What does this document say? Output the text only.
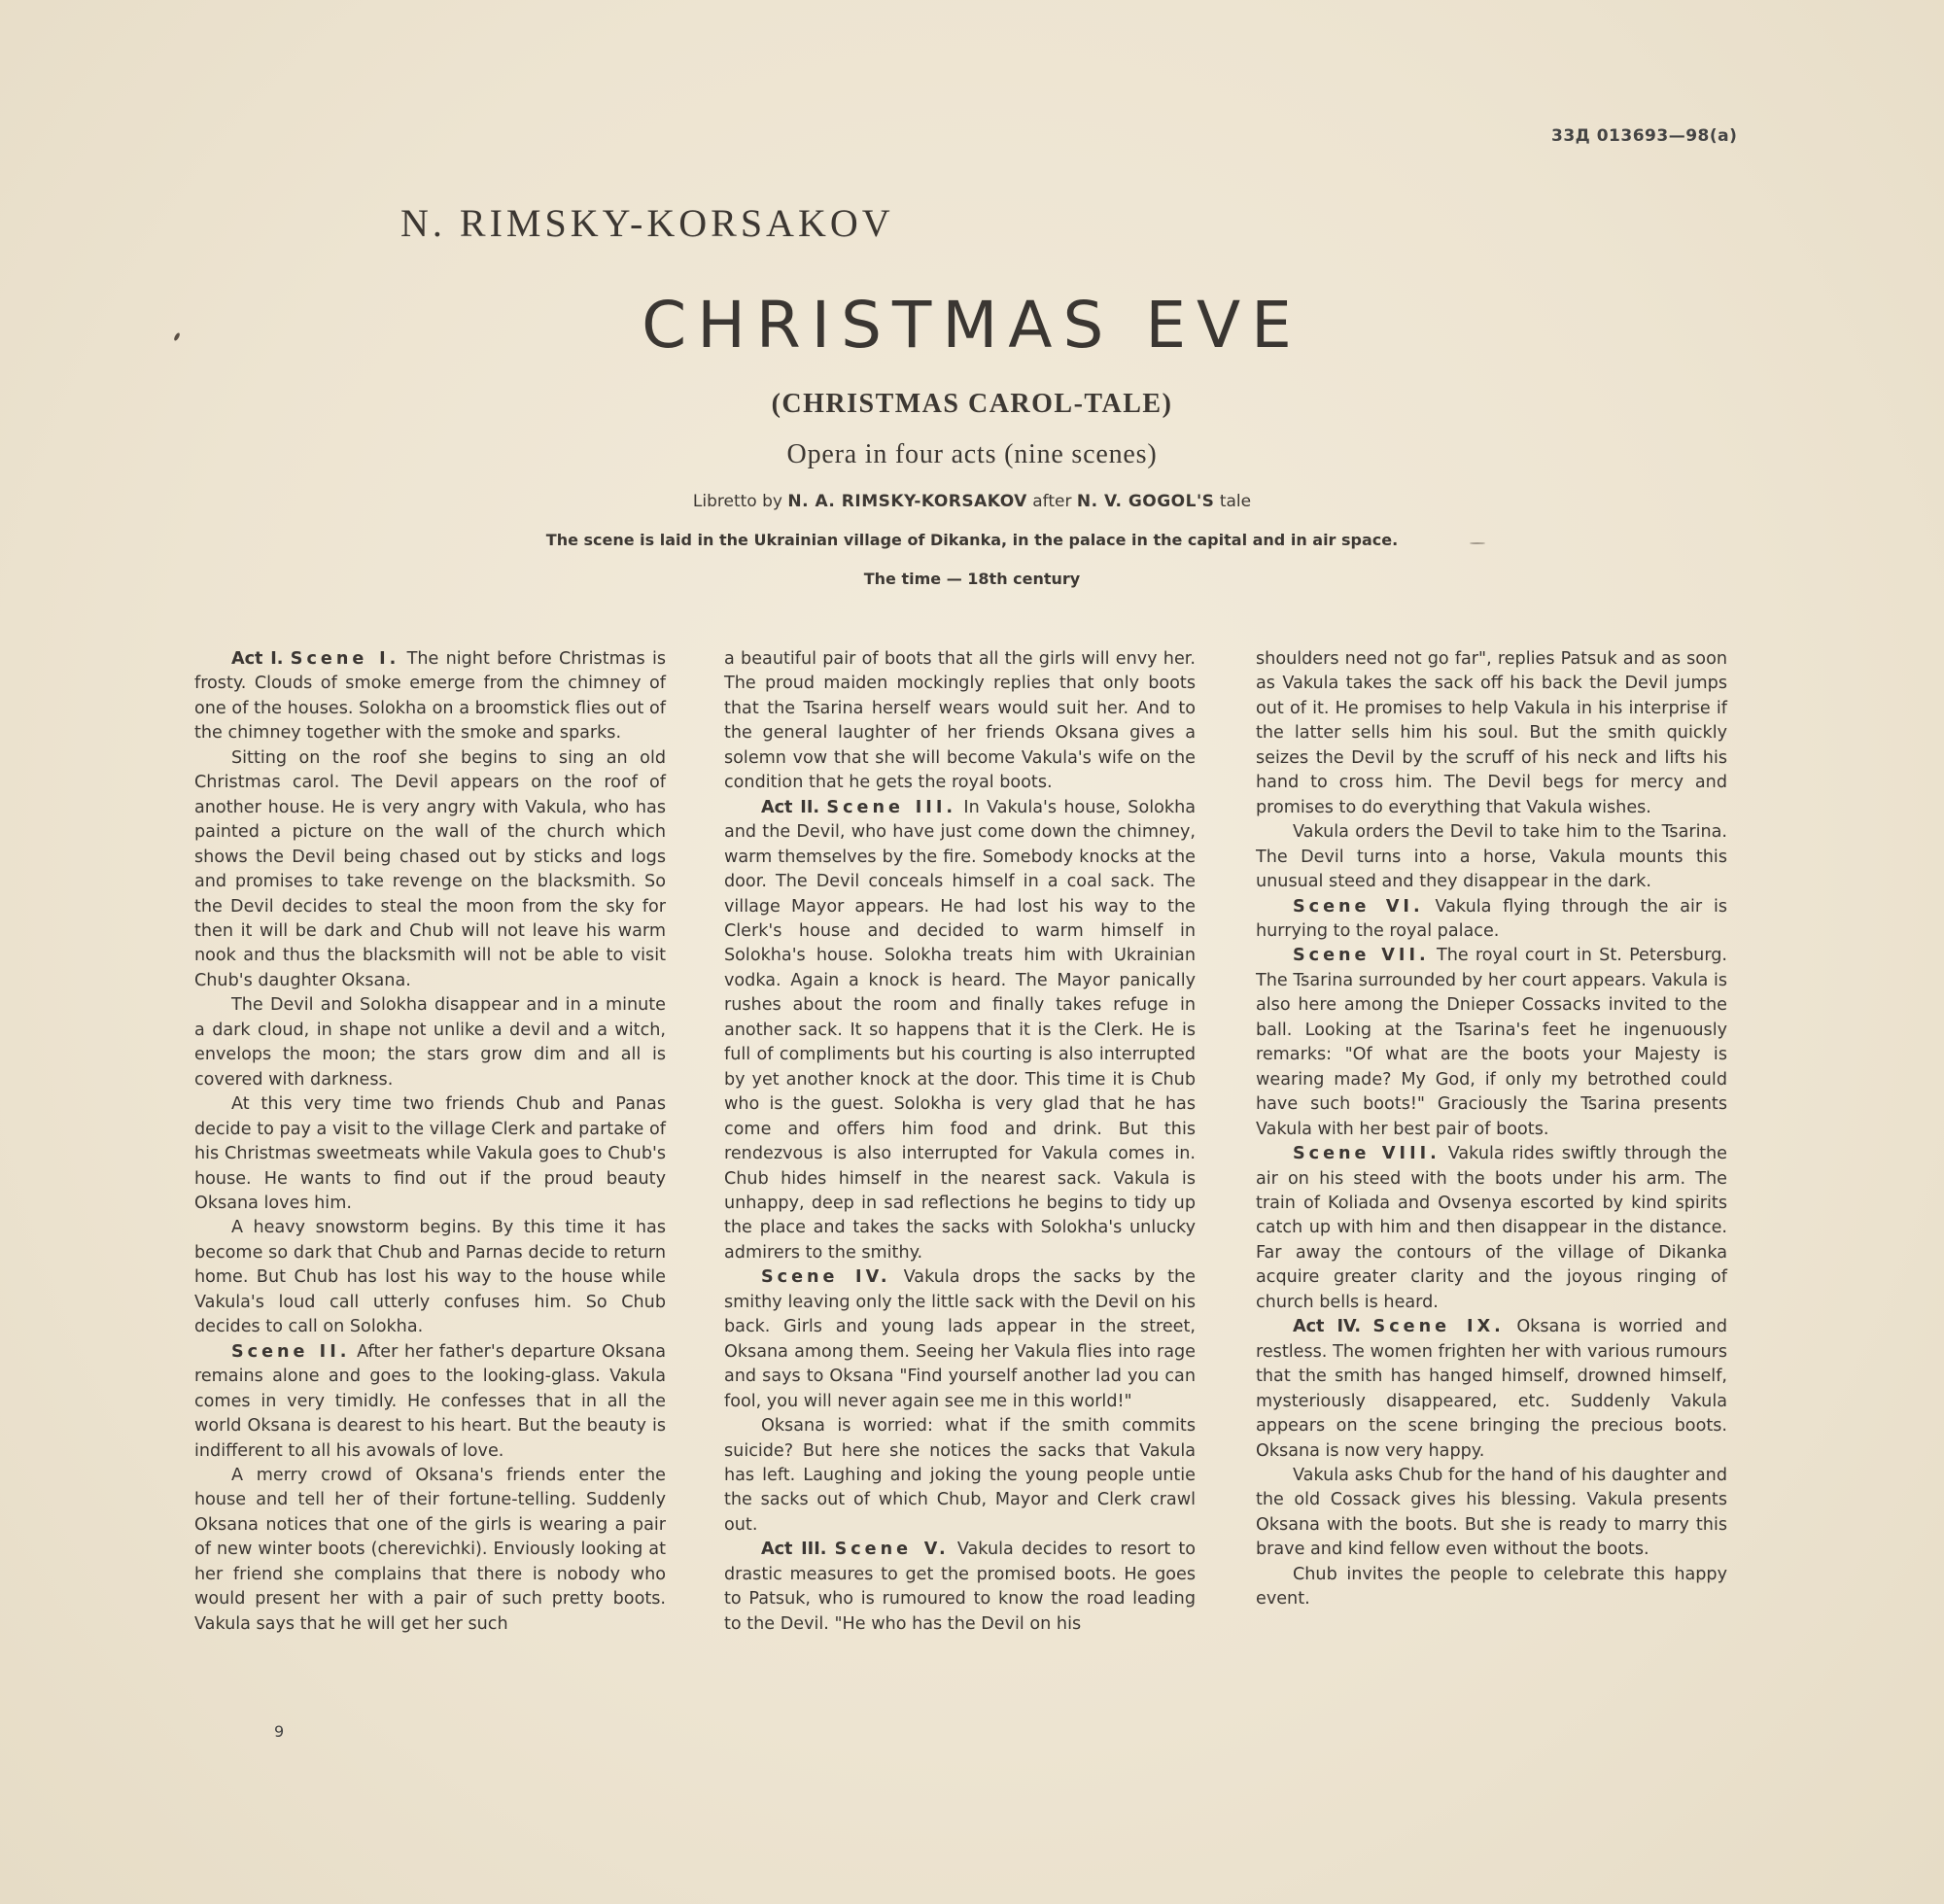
33Д 013693—98(а)
N. RIMSKY-KORSAKOV
CHRISTMAS EVE
(CHRISTMAS CAROL-TALE)
Opera in four acts (nine scenes)
Libretto by N. A. RIMSKY-KORSAKOV after N. V. GOGOL'S tale
The scene is laid in the Ukrainian village of Dikanka, in the palace in the capital and in air space.
The time — 18th century

Act I. Scene I. The night before Christmas is frosty. Clouds of smoke emerge from the chimney of one of the houses. Solokha on a broomstick flies out of the chimney together with the smoke and sparks.

Sitting on the roof she begins to sing an old Christmas carol. The Devil appears on the roof of another house. He is very angry with Vakula, who has painted a picture on the wall of the church which shows the Devil being chased out by sticks and logs and promises to take revenge on the blacksmith. So the Devil decides to steal the moon from the sky for then it will be dark and Chub will not leave his warm nook and thus the blacksmith will not be able to visit Chub's daughter Oksana.

The Devil and Solokha disappear and in a minute a dark cloud, in shape not unlike a devil and a witch, envelops the moon; the stars grow dim and all is covered with darkness.

At this very time two friends Chub and Panas decide to pay a visit to the village Clerk and partake of his Christmas sweetmeats while Vakula goes to Chub's house. He wants to find out if the proud beauty Oksana loves him.

A heavy snowstorm begins. By this time it has become so dark that Chub and Parnas decide to return home. But Chub has lost his way to the house while Vakula's loud call utterly confuses him. So Chub decides to call on Solokha.

Scene II. After her father's departure Oksana remains alone and goes to the looking-glass. Vakula comes in very timidly. He confesses that in all the world Oksana is dearest to his heart. But the beauty is indifferent to all his avowals of love.

A merry crowd of Oksana's friends enter the house and tell her of their fortune-telling. Suddenly Oksana notices that one of the girls is wearing a pair of new winter boots (cherevichki). Enviously looking at her friend she complains that there is nobody who would present her with a pair of such pretty boots. Vakula says that he will get her such

a beautiful pair of boots that all the girls will envy her. The proud maiden mockingly replies that only boots that the Tsarina herself wears would suit her. And to the general laughter of her friends Oksana gives a solemn vow that she will become Vakula's wife on the condition that he gets the royal boots.

Act II. Scene III. In Vakula's house, Solokha and the Devil, who have just come down the chimney, warm themselves by the fire. Somebody knocks at the door. The Devil conceals himself in a coal sack. The village Mayor appears. He had lost his way to the Clerk's house and decided to warm himself in Solokha's house. Solokha treats him with Ukrainian vodka. Again a knock is heard. The Mayor panically rushes about the room and finally takes refuge in another sack. It so happens that it is the Clerk. He is full of compliments but his courting is also interrupted by yet another knock at the door. This time it is Chub who is the guest. Solokha is very glad that he has come and offers him food and drink. But this rendezvous is also interrupted for Vakula comes in. Chub hides himself in the nearest sack. Vakula is unhappy, deep in sad reflections he begins to tidy up the place and takes the sacks with Solokha's unlucky admirers to the smithy.

Scene IV. Vakula drops the sacks by the smithy leaving only the little sack with the Devil on his back. Girls and young lads appear in the street, Oksana among them. Seeing her Vakula flies into rage and says to Oksana "Find yourself another lad you can fool, you will never again see me in this world!"

Oksana is worried: what if the smith commits suicide? But here she notices the sacks that Vakula has left. Laughing and joking the young people untie the sacks out of which Chub, Mayor and Clerk crawl out.

Act III. Scene V. Vakula decides to resort to drastic measures to get the promised boots. He goes to Patsuk, who is rumoured to know the road leading to the Devil. "He who has the Devil on his

shoulders need not go far", replies Patsuk and as soon as Vakula takes the sack off his back the Devil jumps out of it. He promises to help Vakula in his interprise if the latter sells him his soul. But the smith quickly seizes the Devil by the scruff of his neck and lifts his hand to cross him. The Devil begs for mercy and promises to do everything that Vakula wishes.

Vakula orders the Devil to take him to the Tsarina. The Devil turns into a horse, Vakula mounts this unusual steed and they disappear in the dark.

Scene VI. Vakula flying through the air is hurrying to the royal palace.

Scene VII. The royal court in St. Petersburg. The Tsarina surrounded by her court appears. Vakula is also here among the Dnieper Cossacks invited to the ball. Looking at the Tsarina's feet he ingenuously remarks: "Of what are the boots your Majesty is wearing made? My God, if only my betrothed could have such boots!" Graciously the Tsarina presents Vakula with her best pair of boots.

Scene VIII. Vakula rides swiftly through the air on his steed with the boots under his arm. The train of Koliada and Ovsenya escorted by kind spirits catch up with him and then disappear in the distance. Far away the contours of the village of Dikanka acquire greater clarity and the joyous ringing of church bells is heard.

Act IV. Scene IX. Oksana is worried and restless. The women frighten her with various rumours that the smith has hanged himself, drowned himself, mysteriously disappeared, etc. Suddenly Vakula appears on the scene bringing the precious boots. Oksana is now very happy.

Vakula asks Chub for the hand of his daughter and the old Cossack gives his blessing. Vakula presents Oksana with the boots. But she is ready to marry this brave and kind fellow even without the boots.

Chub invites the people to celebrate this happy event.

9
